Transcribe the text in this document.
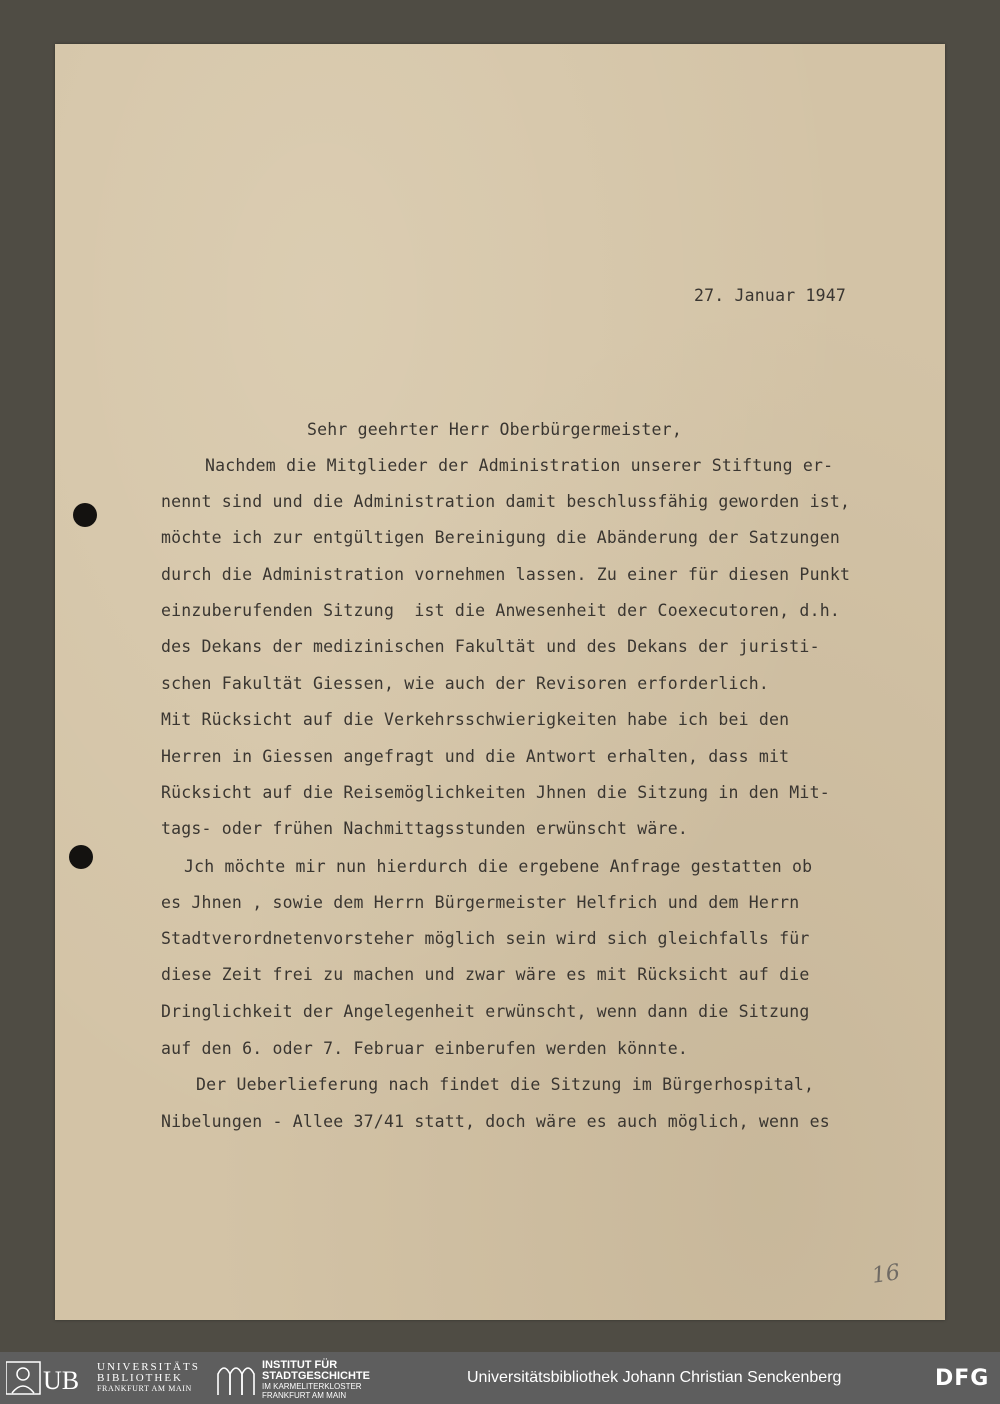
27. Januar 1947
Sehr geehrter Herr Oberbürgermeister,
Nachdem die Mitglieder der Administration unserer Stiftung er-
nennt sind und die Administration damit beschlussfähig geworden ist,
möchte ich zur entgültigen Bereinigung die Abänderung der Satzungen
durch die Administration vornehmen lassen. Zu einer für diesen Punkt
einzuberufenden Sitzung  ist die Anwesenheit der Coexecutoren, d.h.
des Dekans der medizinischen Fakultät und des Dekans der juristi-
schen Fakultät Giessen, wie auch der Revisoren erforderlich.
Mit Rücksicht auf die Verkehrsschwierigkeiten habe ich bei den
Herren in Giessen angefragt und die Antwort erhalten, dass mit
Rücksicht auf die Reisemöglichkeiten Jhnen die Sitzung in den Mit-
tags- oder frühen Nachmittagsstunden erwünscht wäre.
Jch möchte mir nun hierdurch die ergebene Anfrage gestatten ob
es Jhnen , sowie dem Herrn Bürgermeister Helfrich und dem Herrn
Stadtverordnetenvorsteher möglich sein wird sich gleichfalls für
diese Zeit frei zu machen und zwar wäre es mit Rücksicht auf die
Dringlichkeit der Angelegenheit erwünscht, wenn dann die Sitzung
auf den 6. oder 7. Februar einberufen werden könnte.
Der Ueberlieferung nach findet die Sitzung im Bürgerhospital,
Nibelungen - Allee 37/41 statt, doch wäre es auch möglich, wenn es
16
UB UNIVERSITÄTS
BIBLIOTHEK
FRANKFURT AM MAIN
INSTITUT FÜR
STADTGESCHICHTE
IM KARMELITERKLOSTER
FRANKFURT AM MAIN
Universitätsbibliothek Johann Christian Senckenberg	DFG
